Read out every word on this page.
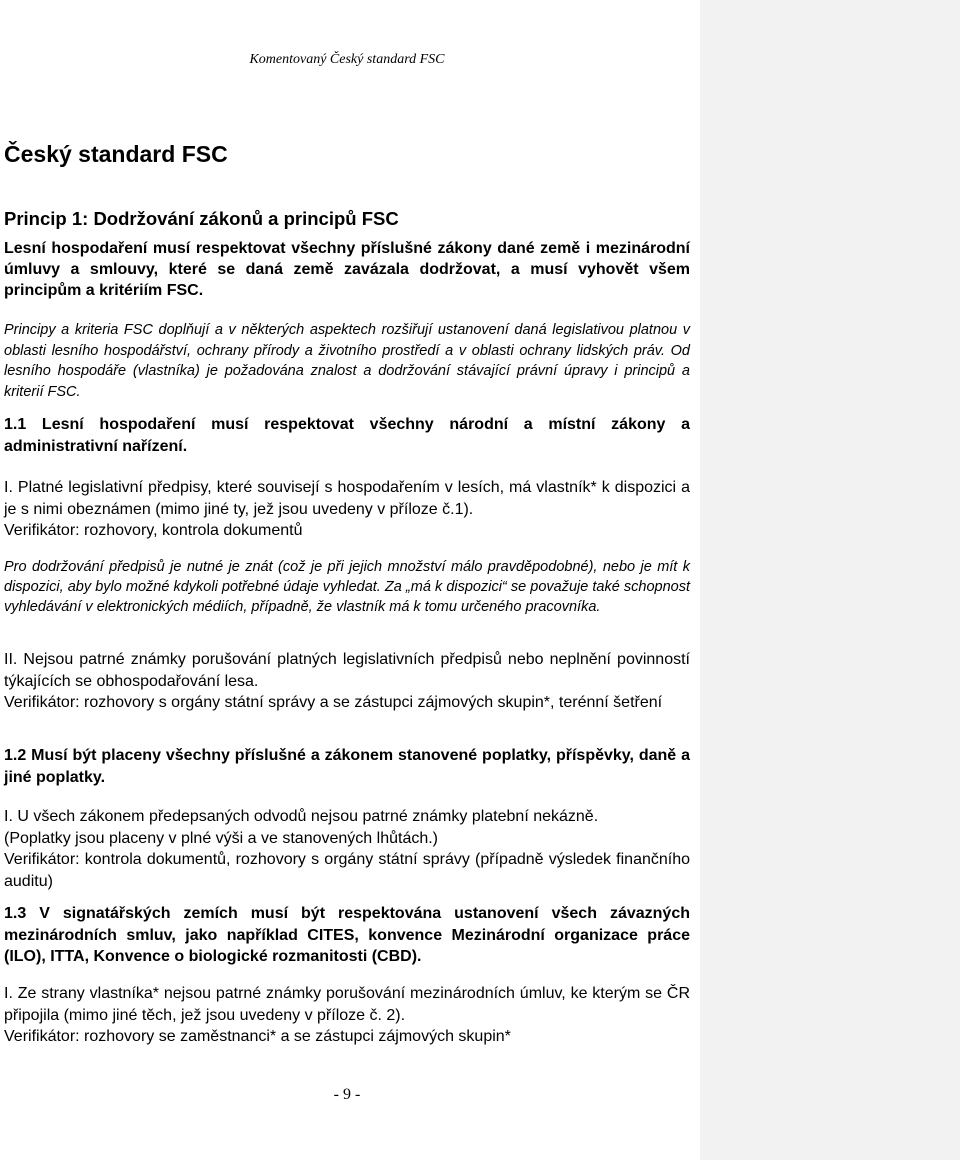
Komentovaný Český standard FSC
Český standard FSC

Princip 1: Dodržování zákonů a principů FSC

Lesní hospodaření musí respektovat všechny příslušné zákony dané země i mezinárodní úmluvy a smlouvy, které se daná země zavázala dodržovat, a musí vyhovět všem principům a kritériím FSC.

Principy a kriteria FSC doplňují a v některých aspektech rozšiřují ustanovení daná legislativou platnou v oblasti lesního hospodářství, ochrany přírody a životního prostředí a v oblasti ochrany lidských práv. Od lesního hospodáře (vlastníka) je požadována znalost a dodržování stávající právní úpravy i principů a kriterií FSC.

1.1 Lesní hospodaření musí respektovat všechny národní a místní zákony a administrativní nařízení.

I. Platné legislativní předpisy, které souvisejí s hospodařením v lesích, má vlastník* k dispozici a je s nimi obeznámen (mimo jiné ty, jež jsou uvedeny v příloze č.1).
Verifikátor: rozhovory, kontrola dokumentů

Pro dodržování předpisů je nutné je znát (což je při jejich množství málo pravděpodobné), nebo je mít k dispozici, aby bylo možné kdykoli potřebné údaje vyhledat. Za „má k dispozici“ se považuje také schopnost vyhledávání v elektronických médiích, případně, že vlastník má k tomu určeného pracovníka.

II. Nejsou patrné známky porušování platných legislativních předpisů nebo neplnění povinností týkajících se obhospodařování lesa.
Verifikátor: rozhovory s orgány státní správy a se zástupci zájmových skupin*, terénní šetření

1.2 Musí být placeny všechny příslušné a zákonem stanovené poplatky, příspěvky, daně a jiné poplatky.

I. U všech zákonem předepsaných odvodů nejsou patrné známky platební nekázně.
(Poplatky jsou placeny v plné výši a ve stanovených lhůtách.)
Verifikátor: kontrola dokumentů, rozhovory s orgány státní správy (případně výsledek finančního auditu)

1.3 V signatářských zemích musí být respektována ustanovení všech závazných mezinárodních smluv, jako například CITES, konvence Mezinárodní organizace práce (ILO), ITTA, Konvence o biologické rozmanitosti (CBD).

I. Ze strany vlastníka* nejsou patrné známky porušování mezinárodních úmluv, ke kterým se ČR připojila (mimo jiné těch, jež jsou uvedeny v příloze č. 2).
Verifikátor: rozhovory se zaměstnanci* a se zástupci zájmových skupin*
- 9 -
